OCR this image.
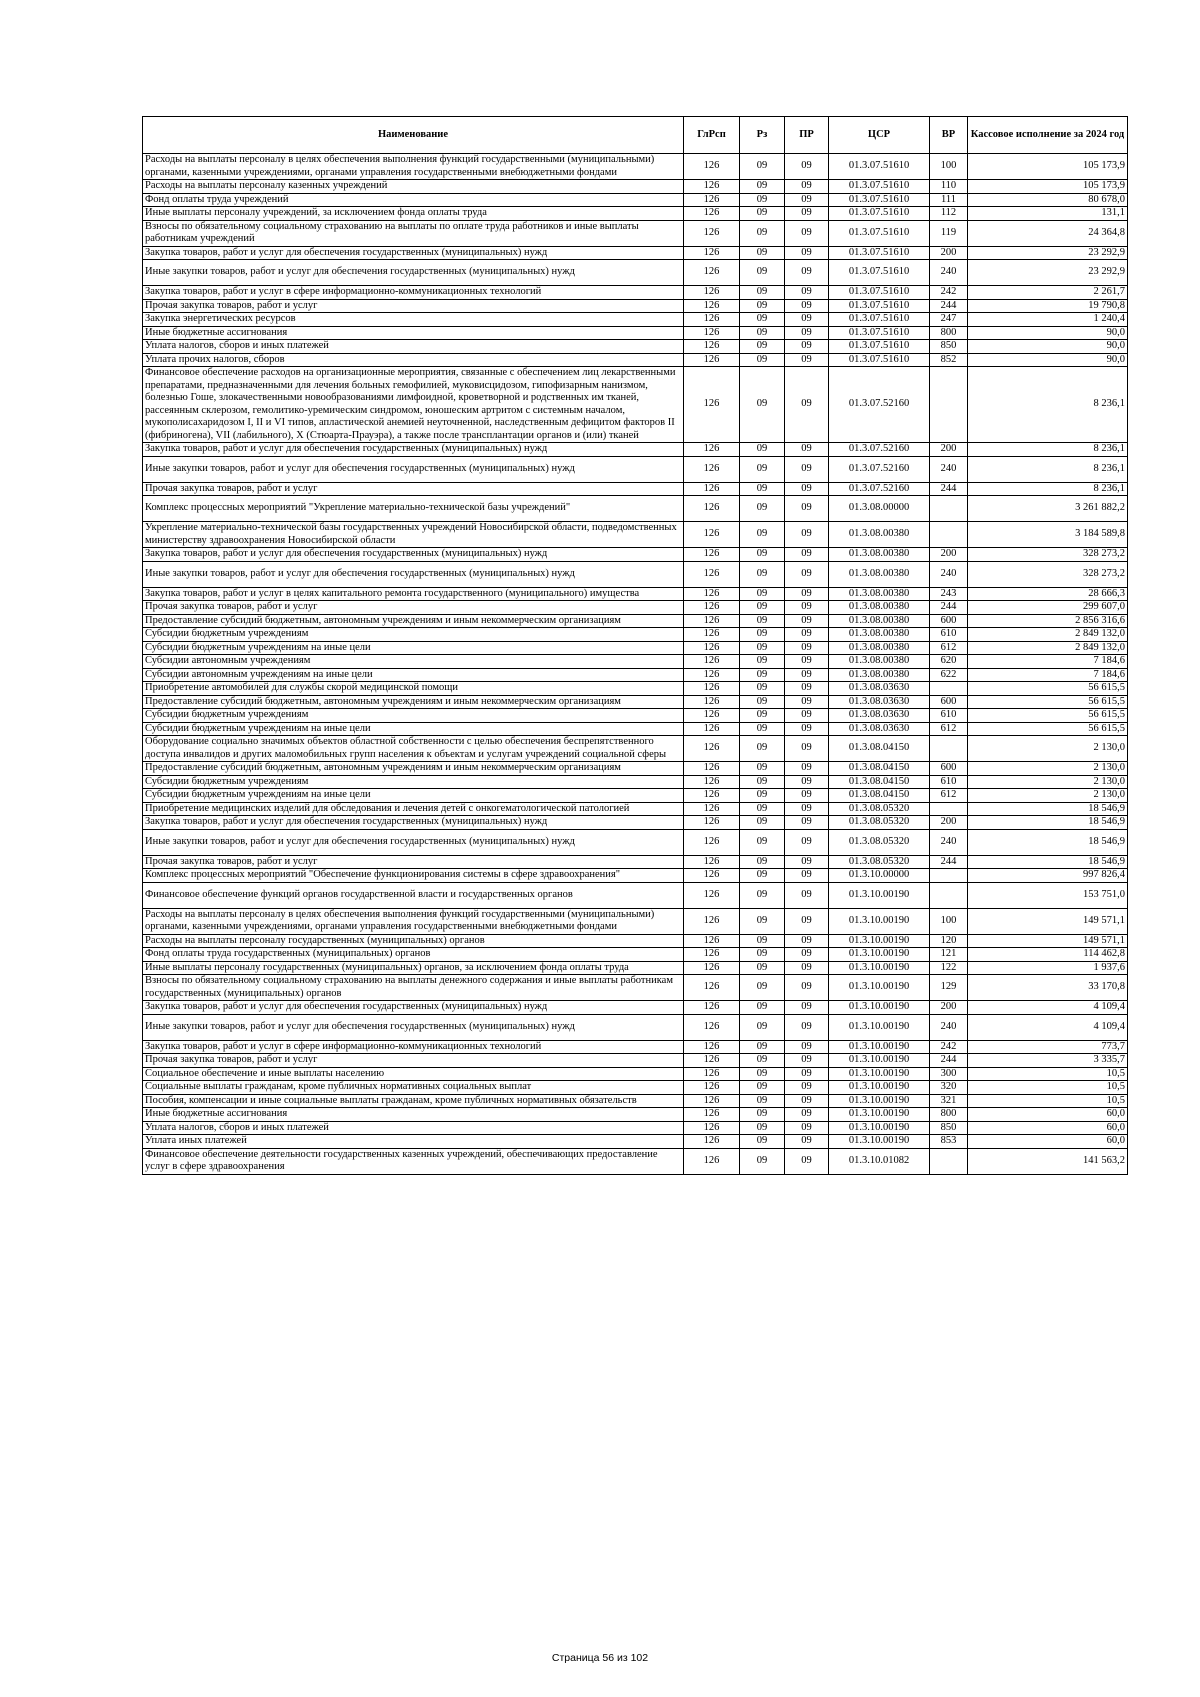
Наименование	ГлРсп	Рз	ПР	ЦСР	ВР	Кассовое исполнение за 2024 год
Расходы на выплаты персоналу в целях обеспечения выполнения функций государственными (муниципальными) органами, казенными учреждениями, органами управления государственными внебюджетными фондами	126	09	09	01.3.07.51610	100	105 173,9
Расходы на выплаты персоналу казенных учреждений	126	09	09	01.3.07.51610	110	105 173,9
Фонд оплаты труда учреждений	126	09	09	01.3.07.51610	111	80 678,0
Иные выплаты персоналу учреждений, за исключением фонда оплаты труда	126	09	09	01.3.07.51610	112	131,1
Взносы по обязательному социальному страхованию на выплаты по оплате труда работников и иные выплаты работникам учреждений	126	09	09	01.3.07.51610	119	24 364,8
Закупка товаров, работ и услуг для обеспечения государственных (муниципальных) нужд	126	09	09	01.3.07.51610	200	23 292,9
Иные закупки товаров, работ и услуг для обеспечения государственных (муниципальных) нужд	126	09	09	01.3.07.51610	240	23 292,9
Закупка товаров, работ и услуг в сфере информационно-коммуникационных технологий	126	09	09	01.3.07.51610	242	2 261,7
Прочая закупка товаров, работ и услуг	126	09	09	01.3.07.51610	244	19 790,8
Закупка энергетических ресурсов	126	09	09	01.3.07.51610	247	1 240,4
Иные бюджетные ассигнования	126	09	09	01.3.07.51610	800	90,0
Уплата налогов, сборов и иных платежей	126	09	09	01.3.07.51610	850	90,0
Уплата прочих налогов, сборов	126	09	09	01.3.07.51610	852	90,0
Финансовое обеспечение расходов на организационные мероприятия, связанные с обеспечением лиц лекарственными препаратами, предназначенными для лечения больных гемофилией, муковисцидозом, гипофизарным нанизмом, болезнью Гоше, злокачественными новообразованиями лимфоидной, кроветворной и родственных им тканей, рассеянным склерозом, гемолитико-уремическим синдромом, юношеским артритом с системным началом, мукополисахаридозом I, II и VI типов, апластической анемией неуточненной, наследственным дефицитом факторов II (фибриногена), VII (лабильного), X (Стюарта-Прауэра), а также после трансплантации органов и (или) тканей	126	09	09	01.3.07.52160		8 236,1
Закупка товаров, работ и услуг для обеспечения государственных (муниципальных) нужд	126	09	09	01.3.07.52160	200	8 236,1
Иные закупки товаров, работ и услуг для обеспечения государственных (муниципальных) нужд	126	09	09	01.3.07.52160	240	8 236,1
Прочая закупка товаров, работ и услуг	126	09	09	01.3.07.52160	244	8 236,1
Комплекс процессных мероприятий "Укрепление материально-технической базы учреждений"	126	09	09	01.3.08.00000		3 261 882,2
Укрепление материально-технической базы государственных учреждений Новосибирской области, подведомственных министерству здравоохранения Новосибирской области	126	09	09	01.3.08.00380		3 184 589,8
Закупка товаров, работ и услуг для обеспечения государственных (муниципальных) нужд	126	09	09	01.3.08.00380	200	328 273,2
Иные закупки товаров, работ и услуг для обеспечения государственных (муниципальных) нужд	126	09	09	01.3.08.00380	240	328 273,2
Закупка товаров, работ и услуг в целях капитального ремонта государственного (муниципального) имущества	126	09	09	01.3.08.00380	243	28 666,3
Прочая закупка товаров, работ и услуг	126	09	09	01.3.08.00380	244	299 607,0
Предоставление субсидий бюджетным, автономным учреждениям и иным некоммерческим организациям	126	09	09	01.3.08.00380	600	2 856 316,6
Субсидии бюджетным учреждениям	126	09	09	01.3.08.00380	610	2 849 132,0
Субсидии бюджетным учреждениям на иные цели	126	09	09	01.3.08.00380	612	2 849 132,0
Субсидии автономным учреждениям	126	09	09	01.3.08.00380	620	7 184,6
Субсидии автономным учреждениям на иные цели	126	09	09	01.3.08.00380	622	7 184,6
Приобретение автомобилей для службы скорой медицинской помощи	126	09	09	01.3.08.03630		56 615,5
Предоставление субсидий бюджетным, автономным учреждениям и иным некоммерческим организациям	126	09	09	01.3.08.03630	600	56 615,5
Субсидии бюджетным учреждениям	126	09	09	01.3.08.03630	610	56 615,5
Субсидии бюджетным учреждениям на иные цели	126	09	09	01.3.08.03630	612	56 615,5
Оборудование социально значимых объектов областной собственности с целью обеспечения беспрепятственного доступа инвалидов и других маломобильных групп населения к объектам и услугам учреждений социальной сферы	126	09	09	01.3.08.04150		2 130,0
Предоставление субсидий бюджетным, автономным учреждениям и иным некоммерческим организациям	126	09	09	01.3.08.04150	600	2 130,0
Субсидии бюджетным учреждениям	126	09	09	01.3.08.04150	610	2 130,0
Субсидии бюджетным учреждениям на иные цели	126	09	09	01.3.08.04150	612	2 130,0
Приобретение медицинских изделий для обследования и лечения детей с онкогематологической патологией	126	09	09	01.3.08.05320		18 546,9
Закупка товаров, работ и услуг для обеспечения государственных (муниципальных) нужд	126	09	09	01.3.08.05320	200	18 546,9
Иные закупки товаров, работ и услуг для обеспечения государственных (муниципальных) нужд	126	09	09	01.3.08.05320	240	18 546,9
Прочая закупка товаров, работ и услуг	126	09	09	01.3.08.05320	244	18 546,9
Комплекс процессных мероприятий "Обеспечение функционирования системы в сфере здравоохранения"	126	09	09	01.3.10.00000		997 826,4
Финансовое обеспечение функций органов государственной власти и государственных органов	126	09	09	01.3.10.00190		153 751,0
Расходы на выплаты персоналу в целях обеспечения выполнения функций государственными (муниципальными) органами, казенными учреждениями, органами управления государственными внебюджетными фондами	126	09	09	01.3.10.00190	100	149 571,1
Расходы на выплаты персоналу государственных (муниципальных) органов	126	09	09	01.3.10.00190	120	149 571,1
Фонд оплаты труда государственных (муниципальных) органов	126	09	09	01.3.10.00190	121	114 462,8
Иные выплаты персоналу государственных (муниципальных) органов, за исключением фонда оплаты труда	126	09	09	01.3.10.00190	122	1 937,6
Взносы по обязательному социальному страхованию на выплаты денежного содержания и иные выплаты работникам государственных (муниципальных) органов	126	09	09	01.3.10.00190	129	33 170,8
Закупка товаров, работ и услуг для обеспечения государственных (муниципальных) нужд	126	09	09	01.3.10.00190	200	4 109,4
Иные закупки товаров, работ и услуг для обеспечения государственных (муниципальных) нужд	126	09	09	01.3.10.00190	240	4 109,4
Закупка товаров, работ и услуг в сфере информационно-коммуникационных технологий	126	09	09	01.3.10.00190	242	773,7
Прочая закупка товаров, работ и услуг	126	09	09	01.3.10.00190	244	3 335,7
Социальное обеспечение и иные выплаты населению	126	09	09	01.3.10.00190	300	10,5
Социальные выплаты гражданам, кроме публичных нормативных социальных выплат	126	09	09	01.3.10.00190	320	10,5
Пособия, компенсации и иные социальные выплаты гражданам, кроме публичных нормативных обязательств	126	09	09	01.3.10.00190	321	10,5
Иные бюджетные ассигнования	126	09	09	01.3.10.00190	800	60,0
Уплата налогов, сборов и иных платежей	126	09	09	01.3.10.00190	850	60,0
Уплата иных платежей	126	09	09	01.3.10.00190	853	60,0
Финансовое обеспечение деятельности государственных казенных учреждений, обеспечивающих предоставление услуг в сфере здравоохранения	126	09	09	01.3.10.01082		141 563,2
Страница 56 из 102
